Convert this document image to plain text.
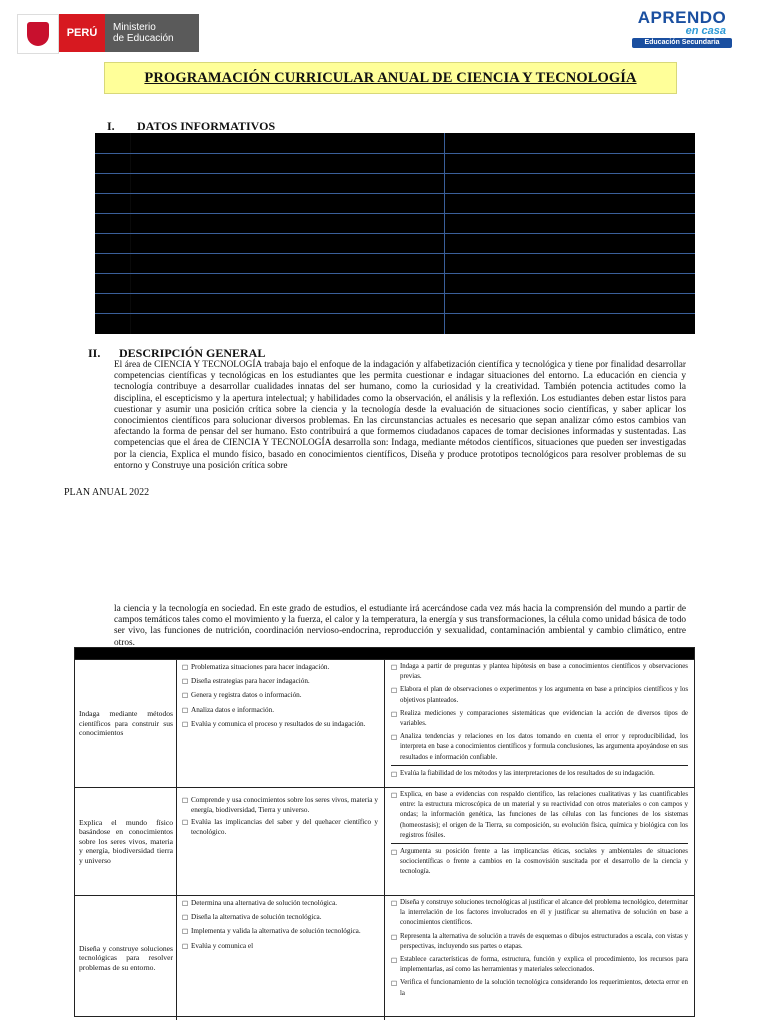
PERÚ	Ministerio
de Educación
APRENDO
en casa
Educación Secundaria
PROGRAMACIÓN CURRICULAR ANUAL DE CIENCIA Y TECNOLOGÍA
I. DATOS INFORMATIVOS
II. DESCRIPCIÓN GENERAL
El área de CIENCIA Y TECNOLOGÍA trabaja bajo el enfoque de la indagación y alfabetización científica y tecnológica y tiene por finalidad desarrollar competencias científicas y tecnológicas en los estudiantes que les permita cuestionar e indagar situaciones del entorno. La educación en ciencia y tecnología contribuye a desarrollar cualidades innatas del ser humano, como la curiosidad y la creatividad. También potencia actitudes como la disciplina, el escepticismo y la apertura intelectual; y habilidades como la observación, el análisis y la reflexión. Los estudiantes deben estar listos para cuestionar y asumir una posición crítica sobre la ciencia y la tecnología desde la evaluación de situaciones socio científicas, y saber aplicar los conocimientos científicos para solucionar diversos problemas. En las circunstancias actuales es necesario que sepan analizar cómo estos cambios van afectando la forma de pensar del ser humano. Esto contribuirá a que formemos ciudadanos capaces de tomar decisiones informadas y sustentadas. Las competencias que el área de CIENCIA Y TECNOLOGÍA desarrolla son: Indaga, mediante métodos científicos, situaciones que pueden ser investigadas por la ciencia, Explica el mundo físico, basado en conocimientos científicos, Diseña y produce prototipos tecnológicos para resolver problemas de su entorno y Construye una posición crítica sobre
PLAN ANUAL 2022
la ciencia y la tecnología en sociedad. En este grado de estudios, el estudiante irá acercándose cada vez más hacia la comprensión del mundo a partir de campos temáticos tales como el movimiento y la fuerza, el calor y la temperatura, la energía y sus transformaciones, la célula como unidad básica de todo ser vivo, las funciones de nutrición, coordinación nervioso-endocrina, reproducción y sexualidad, contaminación ambiental y cambio climático, entre otros.
Indaga mediante métodos científicos para construir sus conocimientos

□ Problematiza situaciones para hacer indagación.

□ Diseña estrategias para hacer indagación.

□ Genera y registra datos o información.

□ Analiza datos e información.

□ Evalúa y comunica el proceso y resultados de su indagación.

□ Indaga a partir de preguntas y plantea hipótesis en base a conocimientos científicos y observaciones previas.

□ Elabora el plan de observaciones o experimentos y los argumenta en base a principios científicos y los objetivos planteados.

□ Realiza mediciones y comparaciones sistemáticas que evidencian la acción de diversos tipos de variables.

□ Analiza tendencias y relaciones en los datos tomando en cuenta el error y reproducibilidad, los interpreta en base a conocimientos científicos y formula conclusiones, las argumenta apoyándose en sus resultados e información confiable.

□ Evalúa la fiabilidad de los métodos y las interpretaciones de los resultados de su indagación.

Explica el mundo físico basándose en conocimientos sobre los seres vivos, materia y energía, biodiversidad tierra y universo

□ Comprende y usa conocimientos sobre los seres vivos, materia y energía, biodiversidad, Tierra y universo.

□ Evalúa las implicancias del saber y del quehacer científico y tecnológico.

□ Explica, en base a evidencias con respaldo científico, las relaciones cualitativas y las cuantificables entre: la estructura microscópica de un material y su reactividad con otros materiales o con campos y ondas; la información genética, las funciones de las células con las funciones de los sistemas (homeostasis); el origen de la Tierra, su composición, su evolución física, química y biológica con los registros fósiles.

□ Argumenta su posición frente a las implicancias éticas, sociales y ambientales de situaciones sociocientíficas o frente a cambios en la cosmovisión suscitada por el desarrollo de la ciencia y tecnología.

Diseña y construye soluciones tecnológicas para resolver problemas de su entorno.

□ Determina una alternativa de solución tecnológica.

□ Diseña la alternativa de solución tecnológica.

□ Implementa y valida la alternativa de solución tecnológica.

□ Evalúa y comunica el

□ Diseña y construye soluciones tecnológicas al justificar el alcance del problema tecnológico, determinar la interrelación de los factores involucrados en él y justificar su alternativa de solución en base a conocimientos científicos.

□ Representa la alternativa de solución a través de esquemas o dibujos estructurados a escala, con vistas y perspectivas, incluyendo sus partes o etapas.

□ Establece características de forma, estructura, función y explica el procedimiento, los recursos para implementarlas, así como las herramientas y materiales seleccionados.

□ Verifica el funcionamiento de la solución tecnológica considerando los requerimientos, detecta error en la
